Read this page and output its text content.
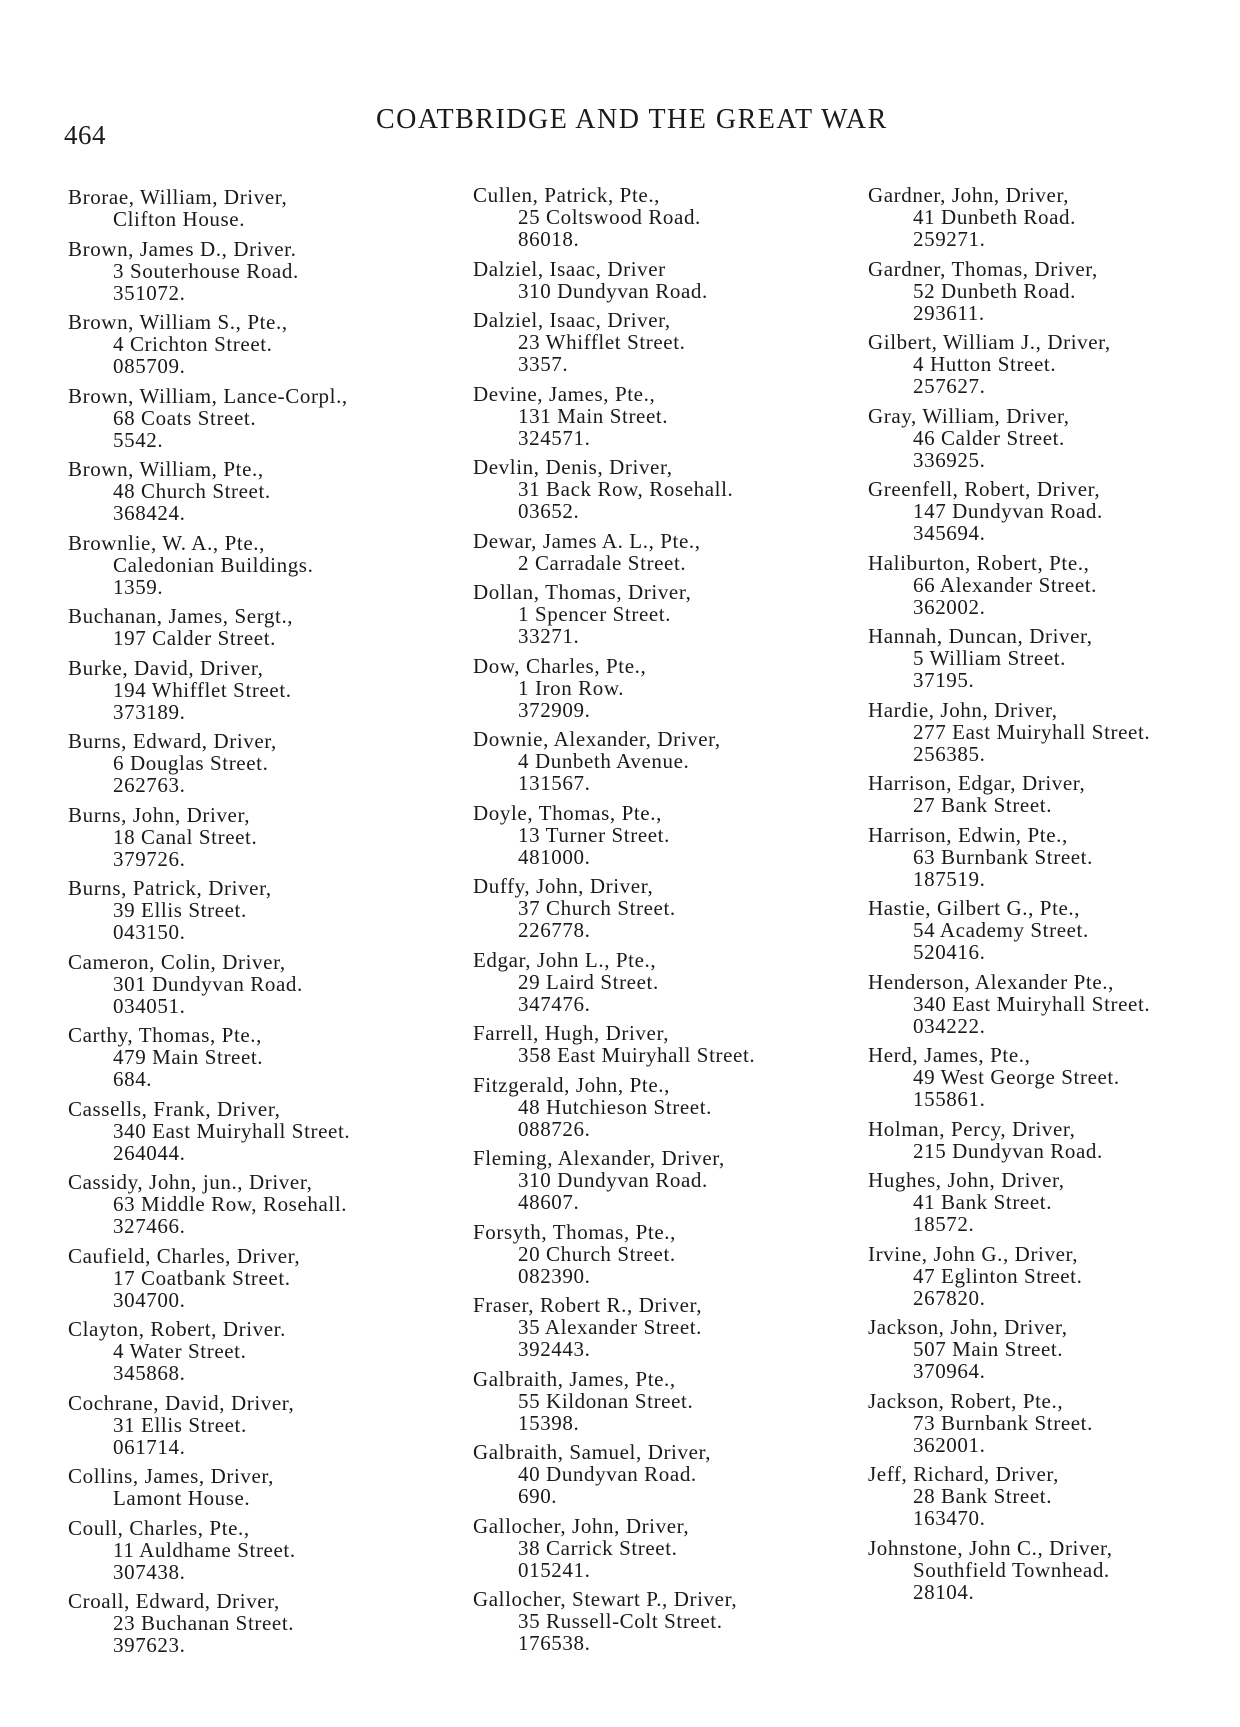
464	COATBRIDGE AND THE GREAT WAR
Brorae, William, Driver,
Clifton House.
Brown, James D., Driver.
3 Souterhouse Road.
351072.
Brown, William S., Pte.,
4 Crichton Street.
085709.
Brown, William, Lance-Corpl.,
68 Coats Street.
5542.
Brown, William, Pte.,
48 Church Street.
368424.
Brownlie, W. A., Pte.,
Caledonian Buildings.
1359.
Buchanan, James, Sergt.,
197 Calder Street.
Burke, David, Driver,
194 Whifflet Street.
373189.
Burns, Edward, Driver,
6 Douglas Street.
262763.
Burns, John, Driver,
18 Canal Street.
379726.
Burns, Patrick, Driver,
39 Ellis Street.
043150.
Cameron, Colin, Driver,
301 Dundyvan Road.
034051.
Carthy, Thomas, Pte.,
479 Main Street.
684.
Cassells, Frank, Driver,
340 East Muiryhall Street.
264044.
Cassidy, John, jun., Driver,
63 Middle Row, Rosehall.
327466.
Caufield, Charles, Driver,
17 Coatbank Street.
304700.
Clayton, Robert, Driver.
4 Water Street.
345868.
Cochrane, David, Driver,
31 Ellis Street.
061714.
Collins, James, Driver,
Lamont House.
Coull, Charles, Pte.,
11 Auldhame Street.
307438.
Croall, Edward, Driver,
23 Buchanan Street.
397623.
Cullen, Patrick, Pte.,
25 Coltswood Road.
86018.
Dalziel, Isaac, Driver
310 Dundyvan Road.
Dalziel, Isaac, Driver,
23 Whifflet Street.
3357.
Devine, James, Pte.,
131 Main Street.
324571.
Devlin, Denis, Driver,
31 Back Row, Rosehall.
03652.
Dewar, James A. L., Pte.,
2 Carradale Street.
Dollan, Thomas, Driver,
1 Spencer Street.
33271.
Dow, Charles, Pte.,
1 Iron Row.
372909.
Downie, Alexander, Driver,
4 Dunbeth Avenue.
131567.
Doyle, Thomas, Pte.,
13 Turner Street.
481000.
Duffy, John, Driver,
37 Church Street.
226778.
Edgar, John L., Pte.,
29 Laird Street.
347476.
Farrell, Hugh, Driver,
358 East Muiryhall Street.
Fitzgerald, John, Pte.,
48 Hutchieson Street.
088726.
Fleming, Alexander, Driver,
310 Dundyvan Road.
48607.
Forsyth, Thomas, Pte.,
20 Church Street.
082390.
Fraser, Robert R., Driver,
35 Alexander Street.
392443.
Galbraith, James, Pte.,
55 Kildonan Street.
15398.
Galbraith, Samuel, Driver,
40 Dundyvan Road.
690.
Gallocher, John, Driver,
38 Carrick Street.
015241.
Gallocher, Stewart P., Driver,
35 Russell-Colt Street.
176538.
Gardner, John, Driver,
41 Dunbeth Road.
259271.
Gardner, Thomas, Driver,
52 Dunbeth Road.
293611.
Gilbert, William J., Driver,
4 Hutton Street.
257627.
Gray, William, Driver,
46 Calder Street.
336925.
Greenfell, Robert, Driver,
147 Dundyvan Road.
345694.
Haliburton, Robert, Pte.,
66 Alexander Street.
362002.
Hannah, Duncan, Driver,
5 William Street.
37195.
Hardie, John, Driver,
277 East Muiryhall Street.
256385.
Harrison, Edgar, Driver,
27 Bank Street.
Harrison, Edwin, Pte.,
63 Burnbank Street.
187519.
Hastie, Gilbert G., Pte.,
54 Academy Street.
520416.
Henderson, Alexander Pte.,
340 East Muiryhall Street.
034222.
Herd, James, Pte.,
49 West George Street.
155861.
Holman, Percy, Driver,
215 Dundyvan Road.
Hughes, John, Driver,
41 Bank Street.
18572.
Irvine, John G., Driver,
47 Eglinton Street.
267820.
Jackson, John, Driver,
507 Main Street.
370964.
Jackson, Robert, Pte.,
73 Burnbank Street.
362001.
Jeff, Richard, Driver,
28 Bank Street.
163470.
Johnstone, John C., Driver,
Southfield Townhead.
28104.
